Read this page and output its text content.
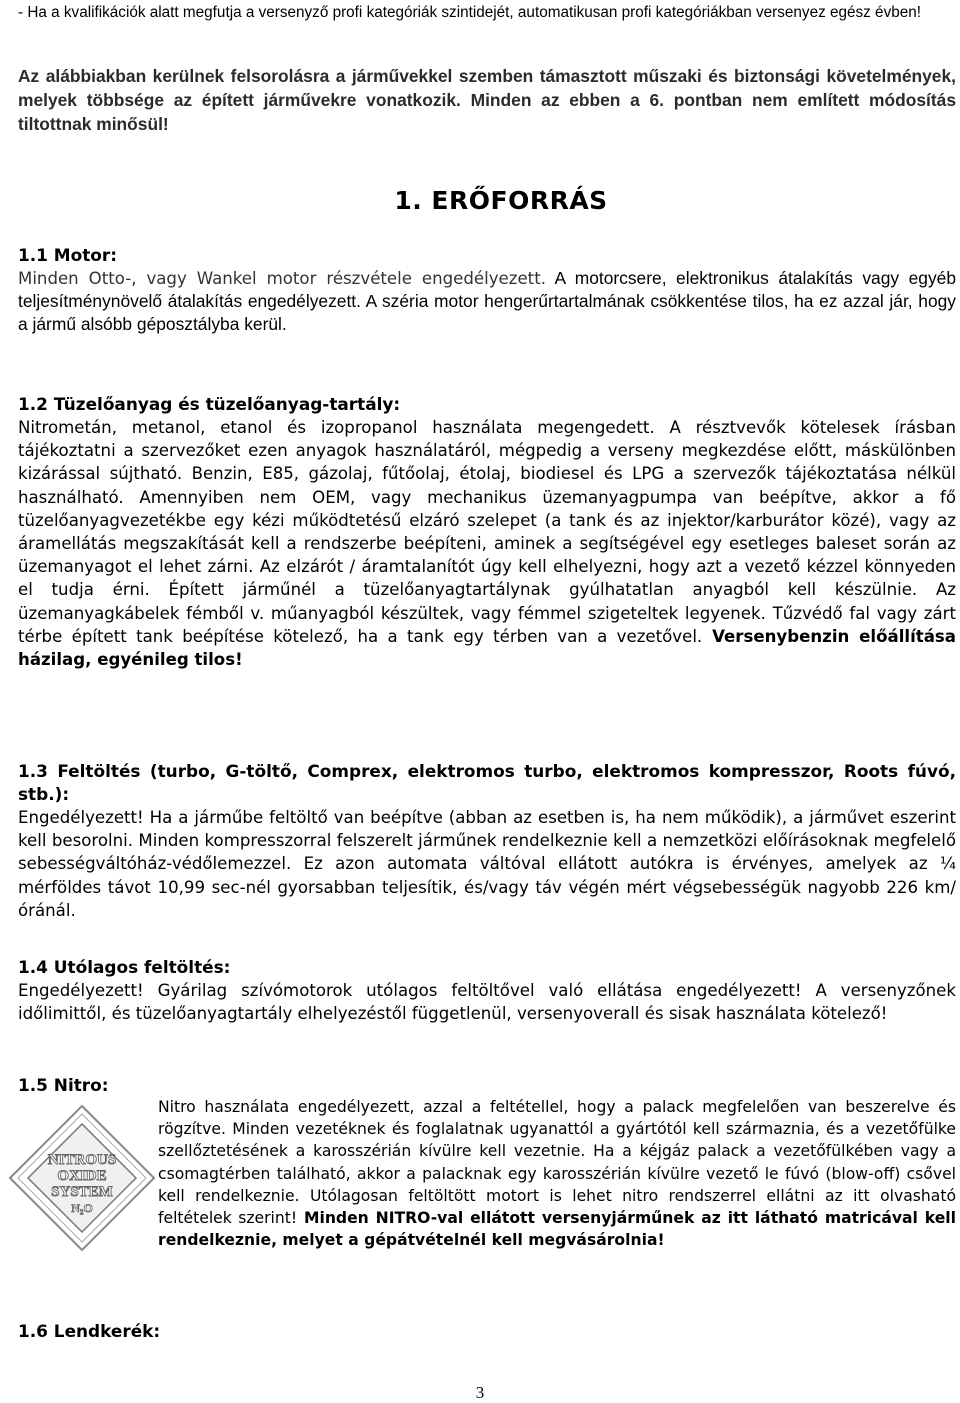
- Ha a kvalifikációk alatt megfutja a versenyző profi kategóriák szintidejét, automatikusan profi kategóriákban versenyez egész évben!
Az alábbiakban kerülnek felsorolásra a járművekkel szemben támasztott műszaki és biztonsági követelmények, melyek többsége az épített járművekre vonatkozik. Minden az ebben a 6. pontban nem említett módosítás tiltottnak minősül!
1. ERŐFORRÁS
1.1 Motor:

Minden Otto-, vagy Wankel motor részvétele engedélyezett. A motorcsere, elektronikus átalakítás vagy egyéb teljesítménynövelő átalakítás engedélyezett. A széria motor hengerűrtartalmának csökkentése tilos, ha ez azzal jár, hogy a jármű alsóbb géposztályba kerül.

1.2 Tüzelőanyag és tüzelőanyag-tartály:

Nitrometán, metanol, etanol és izopropanol használata megengedett. A résztvevők kötelesek írásban tájékoztatni a szervezőket ezen anyagok használatáról, mégpedig a verseny megkezdése előtt, máskülönben kizárással sújtható. Benzin, E85, gázolaj, fűtőolaj, étolaj, biodiesel és LPG a szervezők tájékoztatása nélkül használható. Amennyiben nem OEM, vagy mechanikus üzemanyagpumpa van beépítve, akkor a fő tüzelőanyagvezetékbe egy kézi működtetésű elzáró szelepet (a tank és az injektor/karburátor közé), vagy az áramellátás megszakítását kell a rendszerbe beépíteni, aminek a segítségével egy esetleges baleset során az üzemanyagot el lehet zárni. Az elzárót / áramtalanítót úgy kell elhelyezni, hogy azt a vezető kézzel könnyeden el tudja érni. Épített járműnél a tüzelőanyagtartálynak gyúlhatatlan anyagból kell készülnie. Az üzemanyagkábelek fémből v. műanyagból készültek, vagy fémmel szigeteltek legyenek. Tűzvédő fal vagy zárt térbe épített tank beépítése kötelező, ha a tank egy térben van a vezetővel. Versenybenzin előállítása házilag, egyénileg tilos!

1.3 Feltöltés (turbo, G-töltő, Comprex, elektromos turbo, elektromos kompresszor, Roots fúvó, stb.):

Engedélyezett! Ha a járműbe feltöltő van beépítve (abban az esetben is, ha nem működik), a járművet eszerint kell besorolni. Minden kompresszorral felszerelt járműnek rendelkeznie kell a nemzetközi előírásoknak megfelelő sebességváltóház-védőlemezzel. Ez azon automata váltóval ellátott autókra is érvényes, amelyek az ¼ mérföldes távot 10,99 sec-nél gyorsabban teljesítik, és/vagy táv végén mért végsebességük nagyobb 226 km/óránál.

1.4 Utólagos feltöltés:

Engedélyezett! Gyárilag szívómotorok utólagos feltöltővel való ellátása engedélyezett! A versenyzőnek időlimittől, és tüzelőanyagtartály elhelyezéstől függetlenül, versenyoverall és sisak használata kötelező!

1.5 Nitro:
NITROUS
OXIDE
SYSTEM
N₂O

Nitro használata engedélyezett, azzal a feltétellel, hogy a palack megfelelően van beszerelve és rögzítve. Minden vezetéknek és foglalatnak ugyanattól a gyártótól kell származnia, és a vezetőfülke szellőztetésének a karosszérián kívülre kell vezetnie. Ha a kéjgáz palack a vezetőfülkében vagy a csomagtérben található, akkor a palacknak egy karosszérián kívülre vezető le fúvó (blow-off) csővel kell rendelkeznie. Utólagosan feltöltött motort is lehet nitro rendszerrel ellátni az itt olvasható feltételek szerint! Minden NITRO-val ellátott versenyjárműnek az itt látható matricával kell rendelkeznie, melyet a gépátvételnél kell megvásárolnia!

1.6 Lendkerék:
3
